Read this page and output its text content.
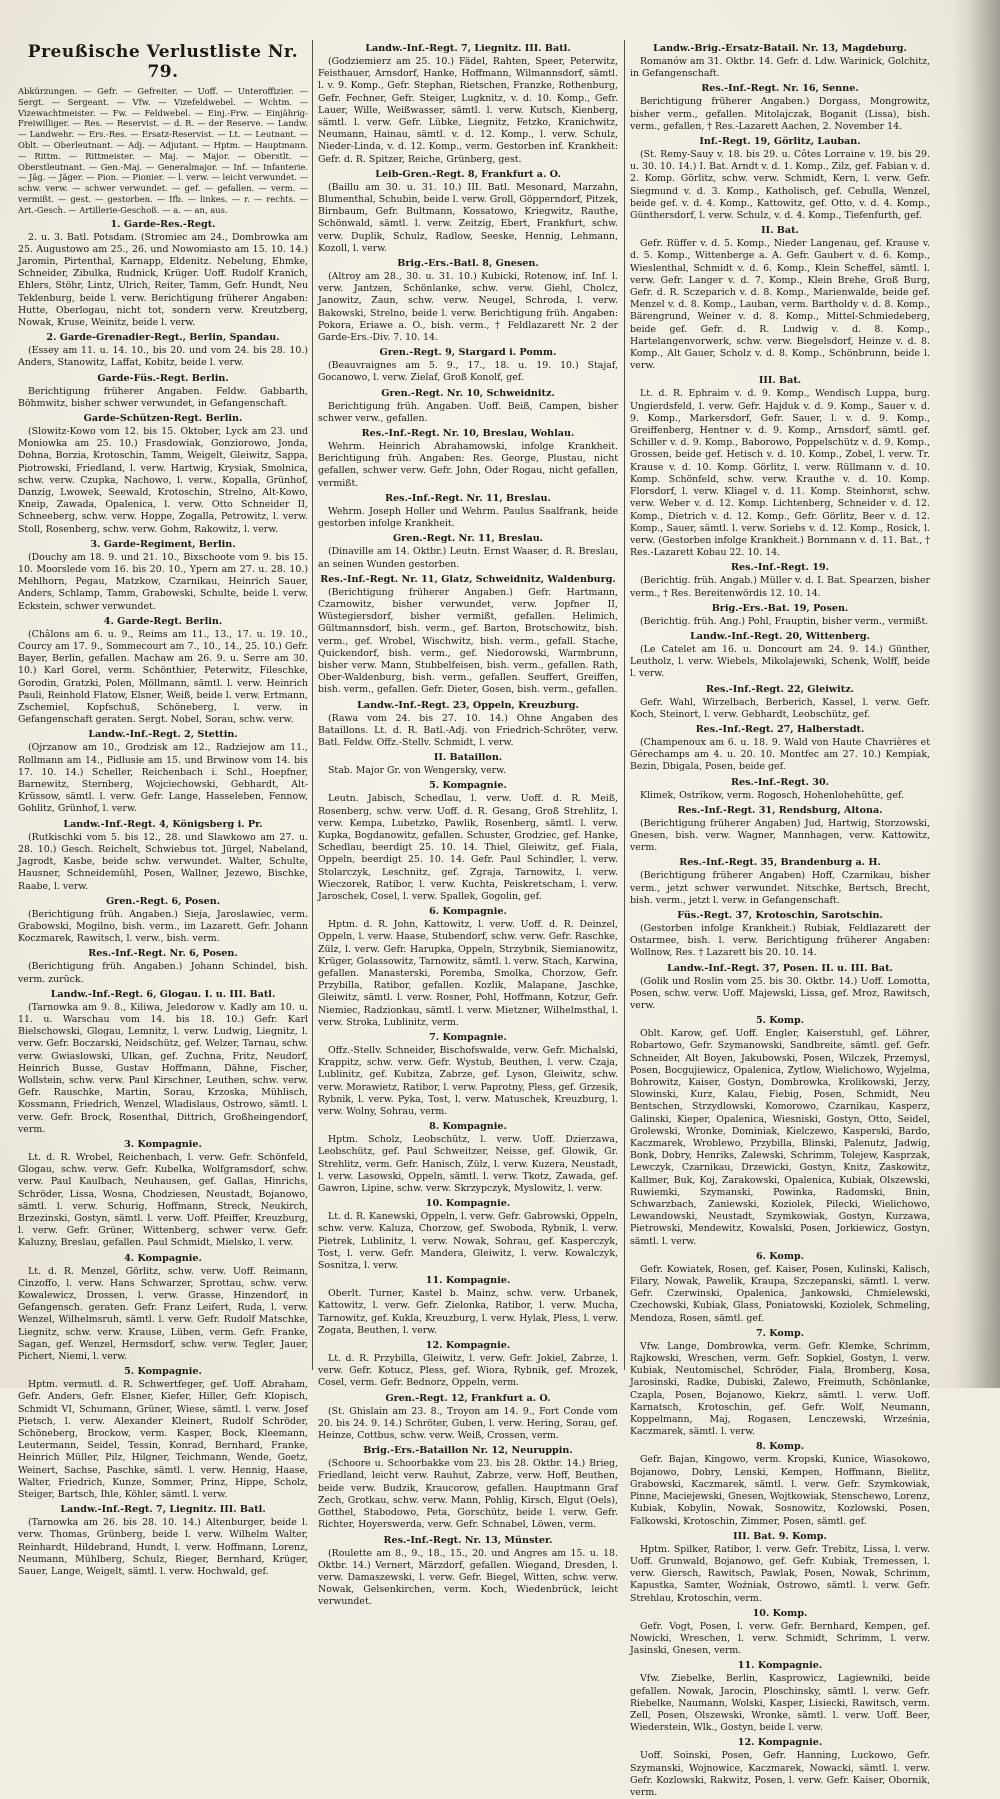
Preußische Verlustliste Nr. 79.
Abkürzungen. — Gefr. — Gefreiter. — Uoff. — Unteroffizier. — Sergt. — Sergeant. — Vfw. — Vizefeldwebel. — Wchtm. — Vizewachtmeister. — Fw. — Feldwebel. — Einj.-Frw. — Einjährig-Freiwilliger. — Res. — Reservist. — d. R. — der Reserve. — Landw. — Landwehr. — Ers.-Res. — Ersatz-Reservist. — Lt. — Leutnant. — Oblt. — Oberleutnant. — Adj. — Adjutant. — Hptm. — Hauptmann. — Rittm. — Rittmeister. — Maj. — Major. — Oberstlt. — Oberstleutnant. — Gen.-Maj. — Generalmajor. — Inf. — Infanterie. — Jäg. — Jäger. — Pion. — Pionier. — l. verw. — leicht verwundet. — schw. verw. — schwer verwundet. — gef. — gefallen. — verm. — vermißt. — gest. — gestorben. — Ifb. — linkes. — r. — rechts. — Art.-Gesch. — Artillerie-Geschoß. — a. — an, aus.
1. Garde-Res.-Regt.

2. u. 3. Batl. Potsdam. (Stromiec am 24., Dombrowka am 25. Augustowo am 25., 26. und Nowomiasto am 15. 10. 14.) Jaromin, Pirtenthal, Karnapp, Eldenitz. Nebelung, Ehmke, Schneider, Zibulka, Rudnick, Krüger. Uoff. Rudolf Kranich, Ehlers, Stöhr, Lintz, Ulrich, Reiter, Tamm, Gefr. Hundt, Neu Teklenburg, beide l. verw. Berichtigung früherer Angaben: Hutte, Oberlogau, nicht tot, sondern verw. Kreutzberg, Nowak, Kruse, Weinitz, beide l. verw.

2. Garde-Grenadier-Regt., Berlin, Spandau.

(Essey am 11. u. 14. 10., bis 20. und vom 24. bis 28. 10.) Anders, Stanowitz, Laffat, Kobitz, beide l. verw.

Garde-Füs.-Regt. Berlin.

Berichtigung früherer Angaben. Feldw. Gabbarth, Böhmwitz, bisher schwer verwundet, in Gefangenschaft.

Garde-Schützen-Regt. Berlin.

(Slowitz-Kowo vom 12. bis 15. Oktober, Lyck am 23. und Moniowka am 25. 10.) Frasdowiak, Gonziorowo, Jonda, Dohna, Borzia, Krotoschin, Tamm, Weigelt, Gleiwitz, Sappa, Piotrowski, Friedland, l. verw. Hartwig, Krysiak, Smolnica, schw. verw. Czupka, Nachowo, l. verw., Kopalla, Grünhof, Danzig, Lwowek, Seewald, Krotoschin, Strelno, Alt-Kowo, Kneip, Zawada, Opalenica, l. verw. Otto Schneider II, Schneeberg, schw. verw. Hoppe, Zogalla, Petrowitz, l. verw. Stoll, Rosenberg, schw. verw. Gohm, Rakowitz, l. verw.

3. Garde-Regiment, Berlin.

(Douchy am 18. 9. und 21. 10., Bixschoote vom 9. bis 15. 10. Moorslede vom 16. bis 20. 10., Ypern am 27. u. 28. 10.) Mehlhorn, Pegau, Matzkow, Czarnikau, Heinrich Sauer, Anders, Schlamp, Tamm, Grabowski, Schulte, beide l. verw. Eckstein, schwer verwundet.

4. Garde-Regt. Berlin.

(Châlons am 6. u. 9., Reims am 11., 13., 17. u. 19. 10., Courcy am 17. 9., Sommecourt am 7., 10., 14., 25. 10.) Gefr. Bayer, Berlin, gefallen. Machaw am 26. 9. u. Serre am 30. 10.) Karl Gorel, verm. Schönthier, Peterwitz, Fileschke, Gorodin, Gratzki, Polen, Möllmann, sämtl. l. verw. Heinrich Pauli, Reinhold Flatow, Elsner, Weiß, beide l. verw. Ertmann, Zschemiel, Kopfschuß, Schöneberg, l. verw. in Gefangenschaft geraten. Sergt. Nobel, Sorau, schw. verw.

Landw.-Inf.-Regt. 2, Stettin.

(Ojrzanow am 10., Grodzisk am 12., Radziejow am 11., Rollmann am 14., Pidlusie am 15. und Brwinow vom 14. bis 17. 10. 14.) Scheller, Reichenbach i. Schl., Hoepfner, Barnewitz, Sternberg, Wojciechowski, Gebhardt, Alt-Krüssow, sämtl. l. verw. Gefr. Lange, Hasseleben, Fennow, Gohlitz, Grünhof, l. verw.

Landw.-Inf.-Regt. 4, Königsberg i. Pr.

(Rutkischki vom 5. bis 12., 28. und Slawkowo am 27. u. 28. 10.) Gesch. Reichelt, Schwiebus tot. Jürgel, Nabeland, Jagrodt, Kasbe, beide schw. verwundet. Walter, Schulte, Hausner, Schneidemühl, Posen, Wallner, Jezewo, Bischke, Raabe, l. verw.

Gren.-Regt. 6, Posen.

(Berichtigung früh. Angaben.) Sieja, Jaroslawiec, verm. Grabowski, Mogilno, bish. verm., im Lazarett. Gefr. Johann Koczmarek, Rawitsch, l. verw., bish. verm.

Res.-Inf.-Regt. Nr. 6, Posen.

(Berichtigung früh. Angaben.) Johann Schindel, bish. verm. zurück.

Landw.-Inf.-Regt. 6, Glogau. I. u. III. Batl.

(Tarnowka am 9. 8., Kiliwa, Jeledorow v. Kadly am 10. u. 11. u. Warschau vom 14. bis 18. 10.) Gefr. Karl Bielschowski, Glogau, Lemnitz, l. verw. Ludwig, Liegnitz, l. verw. Gefr. Boczarski, Neidschütz, gef. Welzer, Tarnau, schw. verw. Gwiaslowski, Ulkan, gef. Zuchna, Fritz, Neudorf, Heinrich Busse, Gustav Hoffmann, Dähne, Fischer, Wollstein, schw. verw. Paul Kirschner, Leuthen, schw. verw. Gefr. Rauschke, Martin, Sorau, Krzoska, Mühlisch, Kossmann, Friedrich, Wenzel, Wladislaus, Ostrowo, sämtl. l. verw. Gefr. Brock, Rosenthal, Dittrich, Großheingendorf, verm.

3. Kompagnie.

Lt. d. R. Wrobel, Reichenbach, l. verw. Gefr. Schönfeld, Glogau, schw. verw. Gefr. Kubelka, Wolfgramsdorf, schw. verw. Paul Kaulbach, Neuhausen, gef. Gallas, Hinrichs, Schröder, Lissa, Wosna, Chodziesen, Neustadt, Bojanowo, sämtl. l. verw. Schurig, Hoffmann, Streck, Neukirch, Brzezinski, Gostyn, sämtl. l. verw. Uoff. Pfeiffer, Kreuzburg, l. verw. Gefr. Grüner, Wittenberg, schwer verw. Gefr. Kaluzny, Breslau, gefallen. Paul Schmidt, Mielsko, l. verw.

4. Kompagnie.

Lt. d. R. Menzel, Görlitz, schw. verw. Uoff. Reimann, Cinzoffo, l. verw. Hans Schwarzer, Sprottau, schw. verw. Kowalewicz, Drossen, l. verw. Grasse, Hinzendorf, in Gefangensch. geraten. Gefr. Franz Leifert, Ruda, l. verw. Wenzel, Wilhelmsruh, sämtl. l. verw. Gefr. Rudolf Matschke, Liegnitz, schw. verw. Krause, Lüben, verm. Gefr. Franke, Sagan, gef. Wenzel, Hermsdorf, schw. verw. Tegler, Jauer, Pichert, Niemi, l. verw.

5. Kompagnie.

Hptm. vermutl. d. R. Schwertfeger, gef. Uoff. Abraham, Gefr. Anders, Gefr. Elsner, Kiefer, Hiller, Gefr. Klopisch, Schmidt VI, Schumann, Grüner, Wiese, sämtl. l. verw. Josef Pietsch, l. verw. Alexander Kleinert, Rudolf Schröder, Schöneberg, Brockow, verm. Kasper, Bock, Kleemann, Leutermann, Seidel, Tessin, Konrad, Bernhard, Franke, Heinrich Müller, Pilz, Hilgner, Teichmann, Wende, Goetz, Weinert, Sachse, Paschke, sämtl. l. verw. Hennig, Haase, Walter, Friedrich, Kunze, Sommer, Prinz, Hippe, Scholz, Steiger, Bartsch, Ihle, Köhler, sämtl. l. verw.

Landw.-Inf.-Regt. 7, Liegnitz. III. Batl.

(Tarnowka am 26. bis 28. 10. 14.) Altenburger, beide l. verw. Thomas, Grünberg, beide l. verw. Wilhelm Walter, Reinhardt, Hildebrand, Hundt, l. verw. Hoffmann, Lorenz, Neumann, Mühlberg, Schulz, Rieger, Bernhard, Krüger, Sauer, Lange, Weigelt, sämtl. l. verw. Hochwald, gef.

Landw.-Inf.-Regt. 7, Liegnitz. III. Batl.

(Godziemierz am 25. 10.) Fädel, Rahten, Speer, Peterwitz, Feisthauer, Arnsdorf, Hanke, Hoffmann, Wilmannsdorf, sämtl. l. v. 9. Komp., Gefr. Stephan, Rietschen, Franzke, Rothenburg, Gefr. Fechner, Gefr. Steiger, Lugknitz, v. d. 10. Komp., Gefr. Lauer, Wille, Weißwasser, sämtl. l. verw. Kutsch, Kienberg, sämtl. l. verw. Gefr. Lübke, Liegnitz, Fetzko, Kranichwitz, Neumann, Hainau, sämtl. v. d. 12. Komp., l. verw. Schulz, Nieder-Linda, v. d. 12. Komp., verm. Gestorben inf. Krankheit: Gefr. d. R. Spitzer, Reiche, Grünberg, gest.

Leib-Gren.-Regt. 8, Frankfurt a. O.

(Baillu am 30. u. 31. 10.) III. Batl. Mesonard, Marzahn, Blumenthal, Schubin, beide l. verw. Groll, Göpperndorf, Pitzek, Birnbaum, Gefr. Bultmann, Kossatowo, Kriegwitz, Rauthe, Schönwald, sämtl. l. verw. Zeitzig, Ebert, Frankfurt, schw. verw. Duplik, Schulz, Radlow, Seeske, Hennig, Lehmann, Kozoll, l. verw.

Brig.-Ers.-Batl. 8, Gnesen.

(Altroy am 28., 30. u. 31. 10.) Kubicki, Rotenow, inf. Inf. l. verw. Jantzen, Schönlanke, schw. verw. Giehl, Cholcz, Janowitz, Zaun, schw. verw. Neugel, Schroda, l. verw. Bakowski, Strelno, beide l. verw. Berichtigung früh. Angaben: Pokora, Eriawe a. O., bish. verm., † Feldlazarett Nr. 2 der Garde-Ers.-Div. 7. 10. 14.

Gren.-Regt. 9, Stargard i. Pomm.

(Beauvraignes am 5. 9., 17., 18. u. 19. 10.) Stajaf, Gocanowo, l. verw. Zielaf, Groß Konolf, gef.

Gren.-Regt. Nr. 10, Schweidnitz.

Berichtigung früh. Angaben. Uoff. Beiß, Campen, bisher schwer verw., gefallen.

Res.-Inf.-Regt. Nr. 10, Breslau, Wohlau.

Wehrm. Heinrich Abrahamowski, infolge Krankheit. Berichtigung früh. Angaben: Res. George, Plustau, nicht gefallen, schwer verw. Gefr. John, Oder Rogau, nicht gefallen, vermißt.

Res.-Inf.-Regt. Nr. 11, Breslau.

Wehrm. Joseph Holler und Wehrm. Paulus Saalfrank, beide gestorben infolge Krankheit.

Gren.-Regt. Nr. 11, Breslau.

(Dinaville am 14. Oktbr.) Leutn. Ernst Waaser, d. R. Breslau, an seinen Wunden gestorben.

Res.-Inf.-Regt. Nr. 11, Glatz, Schweidnitz, Waldenburg.

(Berichtigung früherer Angaben.) Gefr. Hartmann, Czarnowitz, bisher verwundet, verw. Jopfner II, Wüstegiersdorf, bisher vermißt, gefallen. Helimich, Gültmannsdorf, bish. verm., gef. Barton, Brotschowitz, bish. verm., gef. Wrobel, Wischwitz, bish. verm., gefall. Stache, Quickendorf, bish. verm., gef. Niedorowski, Warmbrunn, bisher verw. Mann, Stubbelfeisen, bish. verm., gefallen. Rath, Ober-Waldenburg, bish. verm., gefallen. Seuffert, Greiffen, bish. verm., gefallen. Gefr. Dieter, Gosen, bish. verm., gefallen.

Landw.-Inf.-Regt. 23, Oppeln, Kreuzburg.

(Rawa vom 24. bis 27. 10. 14.) Ohne Angaben des Bataillons. Lt. d. R. Batl.-Adj. von Friedrich-Schröter, verw. Batl. Feldw. Offz.-Stellv. Schmidt, l. verw.

II. Bataillon.

Stab. Major Gr. von Wengersky, verw.

5. Kompagnie.

Leutn. Jabisch, Schedlau, l. verw. Uoff. d. R. Meiß, Rosenberg, schw. verw. Uoff. d. R. Gesang, Groß Strehlitz, l. verw. Kempa, Lubetzko, Pawlik, Rosenberg, sämtl. l. verw. Kupka, Bogdanowitz, gefallen. Schuster, Grodziec, gef. Hanke, Schedlau, beerdigt 25. 10. 14. Thiel, Gleiwitz, gef. Fiala, Oppeln, beerdigt 25. 10. 14. Gefr. Paul Schindler, l. verw. Stolarczyk, Leschnitz, gef. Zgraja, Tarnowitz, l. verw. Wieczorek, Ratibor, l. verw. Kuchta, Peiskretscham, l. verw. Jaroschek, Cosel, l. verw. Spallek, Gogolin, gef.

6. Kompagnie.

Hptm. d. R. John, Kattowitz, l. verw. Uoff. d. R. Deinzel, Oppeln, l. verw. Haase, Stubendorf, schw. verw. Gefr. Raschke, Zülz, l. verw. Gefr. Harupka, Oppeln, Strzybnik, Siemianowitz, Krüger, Golassowitz, Tarnowitz, sämtl. l. verw. Stach, Karwina, gefallen. Manasterski, Poremba, Smolka, Chorzow, Gefr. Przybilla, Ratibor, gefallen. Kozlik, Malapane, Jaschke, Gleiwitz, sämtl. l. verw. Rosner, Pohl, Hoffmann, Kotzur, Gefr. Niemiec, Radzionkau, sämtl. l. verw. Mietzner, Wilhelmsthal, l. verw. Stroka, Lublinitz, verm.

7. Kompagnie.

Offz.-Stellv. Schneider, Bischofswalde, verw. Gefr. Michalski, Krappitz, schw. verw. Gefr. Wystub, Beuthen, l. verw. Czaja, Lublinitz, gef. Kubitza, Zabrze, gef. Lyson, Gleiwitz, schw. verw. Morawietz, Ratibor, l. verw. Paprotny, Pless, gef. Grzesik, Rybnik, l. verw. Pyka, Tost, l. verw. Matuschek, Kreuzburg, l. verw. Wolny, Sohrau, verm.

8. Kompagnie.

Hptm. Scholz, Leobschütz, l. verw. Uoff. Dzierzawa, Leobschütz, gef. Paul Schweitzer, Neisse, gef. Glowik, Gr. Strehlitz, verm. Gefr. Hanisch, Zülz, l. verw. Kuzera, Neustadt, l. verw. Lasowski, Oppeln, sämtl. l. verw. Tkotz, Zawada, gef. Gawron, Lipine, schw. verw. Skrzypczyk, Myslowitz, l. verw.

10. Kompagnie.

Lt. d. R. Kanewski, Oppeln, l. verw. Gefr. Gabrowski, Oppeln, schw. verw. Kaluza, Chorzow, gef. Swoboda, Rybnik, l. verw. Pietrek, Lublinitz, l. verw. Nowak, Sohrau, gef. Kasperczyk, Tost, l. verw. Gefr. Mandera, Gleiwitz, l. verw. Kowalczyk, Sosnitza, l. verw.

11. Kompagnie.

Oberlt. Turner, Kastel b. Mainz, schw. verw. Urbanek, Kattowitz, l. verw. Gefr. Zielonka, Ratibor, l. verw. Mucha, Tarnowitz, gef. Kukla, Kreuzburg, l. verw. Hylak, Pless, l. verw. Zogata, Beuthen, l. verw.

12. Kompagnie.

Lt. d. R. Przybilla, Gleiwitz, l. verw. Gefr. Jokiel, Zabrze, l. verw. Gefr. Kotucz, Pless, gef. Wiora, Rybnik, gef. Mrozek, Cosel, verm. Gefr. Bednorz, Oppeln, verm.

Gren.-Regt. 12, Frankfurt a. O.

(St. Ghislain am 23. 8., Troyon am 14. 9., Fort Conde vom 20. bis 24. 9. 14.) Schröter, Guben, l. verw. Hering, Sorau, gef. Heinze, Cottbus, schw. verw. Weiß, Crossen, verm.

Brig.-Ers.-Bataillon Nr. 12, Neuruppin.

(Schoore u. Schoorbakke vom 23. bis 28. Oktbr. 14.) Brieg, Friedland, leicht verw. Rauhut, Zabrze, verw. Hoff, Beuthen, beide verw. Budzik, Kraucorow, gefallen. Hauptmann Graf Zech, Grotkau, schw. verw. Mann, Pohlig, Kirsch, Elgut (Oels), Gotthel, Stabodowo, Peta, Gorschütz, beide l. verw. Gefr. Richter, Hoyerswerda, verw. Gefr. Schnabel, Löwen, verm.

Res.-Inf.-Regt. Nr. 13, Münster.

(Roulette am 8., 9., 18., 15., 20. und Angres am 15. u. 18. Oktbr. 14.) Vernert, Märzdorf, gefallen. Wiegand, Dresden, l. verw. Damaszewski, l. verw. Gefr. Biegel, Witten, schw. verw. Nowak, Gelsenkirchen, verm. Koch, Wiedenbrück, leicht verwundet.

Landw.-Brig.-Ersatz-Batail. Nr. 13, Magdeburg.

Romanów am 31. Oktbr. 14. Gefr. d. Ldw. Warinick, Golchitz, in Gefangenschaft.

Res.-Inf.-Regt. Nr. 16, Senne.

Berichtigung früherer Angaben.) Dorgass, Mongrowitz, bisher verm., gefallen. Mitolajczak, Boganit (Lissa), bish. verm., gefallen, † Res.-Lazarett Aachen, 2. November 14.

Inf.-Regt. 19, Görlitz, Lauban.

(St. Remy-Sauy v. 18. bis 29. u. Côtes Lorraine v. 19. bis 29. u. 30. 10. 14.) I. Bat. Arndt v. d. 1. Komp., Zilz, gef. Fabian v. d. 2. Komp. Görlitz, schw. verw. Schmidt, Kern, l. verw. Gefr. Siegmund v. d. 3. Komp., Katholisch, gef. Cebulla, Wenzel, beide gef. v. d. 4. Komp., Kattowitz, gef. Otto, v. d. 4. Komp., Günthersdorf, l. verw. Schulz, v. d. 4. Komp., Tiefenfurth, gef.

II. Bat.

Gefr. Rüffer v. d. 5. Komp., Nieder Langenau, gef. Krause v. d. 5. Komp., Wittenberge a. A. Gefr. Gaubert v. d. 6. Komp., Wieslenthal, Schmidt v. d. 6. Komp., Klein Scheffel, sämtl. l. verw. Gefr. Langer v. d. 7. Komp., Klein Brehe, Groß Burg, Gefr. d. R. Sczeparich v. d. 8. Komp., Marienwalde, beide gef. Menzel v. d. 8. Komp., Lauban, verm. Bartholdy v. d. 8. Komp., Bärengrund, Weiner v. d. 8. Komp., Mittel-Schmiedeberg, beide gef. Gefr. d. R. Ludwig v. d. 8. Komp., Hartelangenvorwerk, schw. verw. Biegelsdorf, Heinze v. d. 8. Komp., Alt Gauer, Scholz v. d. 8. Komp., Schönbrunn, beide l. verw.

III. Bat.

Lt. d. R. Ephraim v. d. 9. Komp., Wendisch Luppa, burg. Ungierdsfeld, l. verw. Gefr. Hajduk v. d. 9. Komp., Sauer v. d. 9. Komp., Markersdorf, Gefr. Sauer, l. v. d. 9. Komp., Greiffenberg, Hentner v. d. 9. Komp., Arnsdorf, sämtl. gef. Schiller v. d. 9. Komp., Baborowo, Poppelschütz v. d. 9. Komp., Grossen, beide gef. Hetisch v. d. 10. Komp., Zobel, l. verw. Tr. Krause v. d. 10. Komp. Görlitz, l. verw. Rüllmann v. d. 10. Komp. Schönfeld, schw. verw. Krauthe v. d. 10. Komp. Florsdorf, l. verw. Kliagel v. d. 11. Komp. Steinhorst, schw. verw. Weber v. d. 12. Komp. Lichtenberg, Schneider v. d. 12. Komp., Dietrich v. d. 12. Komp., Gefr. Görlitz, Beer v. d. 12. Komp., Sauer, sämtl. l. verw. Soriebs v. d. 12. Komp., Rosick, l. verw. (Gestorben infolge Krankheit.) Bornmann v. d. 11. Bat., † Res.-Lazarett Kobau 22. 10. 14.

Res.-Inf.-Regt. 19.

(Berichtig. früh. Angab.) Müller v. d. I. Bat. Spearzen, bisher verm., † Res. Bereitenwördis 12. 10. 14.

Brig.-Ers.-Bat. 19, Posen.

(Berichtig. früh. Ang.) Pohl, Frauptin, bisher verm., vermißt.

Landw.-Inf.-Regt. 20, Wittenberg.

(Le Catelet am 16. u. Doncourt am 24. 9. 14.) Günther, Leutholz, l. verw. Wiebels, Mikolajewski, Schenk, Wolff, beide l. verw.

Res.-Inf.-Regt. 22, Gleiwitz.

Gefr. Wahl, Wirzelbach, Berberich, Kassel, l. verw. Gefr. Koch, Steinort, l. verw. Gebhardt, Leobschütz, gef.

Res.-Inf.-Regt. 27, Halberstadt.

(Champenoux am 6. u. 18. 9. Wald von Haute Chavrières et Gérechamps am 4. u. 20. 10. Montfec am 27. 10.) Kempiak, Bezin, Dbigala, Posen, beide gef.

Res.-Inf.-Regt. 30.

Klimek, Ostrikow, verm. Rogosch, Hohenlohehütte, gef.

Res.-Inf.-Regt. 31, Rendsburg, Altona.

(Berichtigung früherer Angaben) Jud, Hartwig, Storzowski, Gnesen, bish. verw. Wagner, Mannhagen, verw. Kattowitz, verm.

Res.-Inf.-Regt. 35, Brandenburg a. H.

(Berichtigung früherer Angaben) Hoff, Czarnikau, bisher verm., jetzt schwer verwundet. Nitschke, Bertsch, Brecht, bish. verm., jetzt l. verw. in Gefangenschaft.

Füs.-Regt. 37, Krotoschin, Sarotschin.

(Gestorben infolge Krankheit.) Rubiak, Feldlazarett der Ostarmee, bish. l. verw. Berichtigung früherer Angaben: Wollnow, Res. † Lazarett bis 20. 10. 14.

Landw.-Inf.-Regt. 37, Posen. II. u. III. Bat.

(Golik und Roslin vom 25. bis 30. Oktbr. 14.) Uoff. Lomotta, Posen, schw. verw. Uoff. Majewski, Lissa, gef. Mroz, Rawitsch, verw.

5. Komp.

Oblt. Karow, gef. Uoff. Engler, Kaiserstuhl, gef. Löhrer, Robartowo, Gefr. Szymanowski, Sandbreite, sämtl. gef. Gefr. Schneider, Alt Boyen, Jakubowski, Posen, Wilczek, Przemysl, Posen, Bocgujiewicz, Opalenica, Zytlow, Wielichowo, Wyjelma, Bohrowitz, Kaiser, Gostyn, Dombrowka, Krolikowski, Jerzy, Slowinski, Kurz, Kalau, Fiebig, Posen, Schmidt, Neu Bentschen, Strzydlowski, Komorowo, Czarnikau, Kasperz, Galinski, Kieper, Opalenica, Wiesniski, Gostyn, Otto, Seidel, Grolewski, Wronke, Dominiak, Kielczewo, Kasperski, Bardo, Kaczmarek, Wroblewo, Przybilla, Blinski, Palenutz, Jadwig, Bonk, Dobry, Henriks, Zalewski, Schrimm, Tolejew, Kasprzak, Lewczyk, Czarnikau, Drzewicki, Gostyn, Knitz, Zaskowitz, Kallmer, Buk, Koj, Zarakowski, Opalenica, Kubiak, Olszewski, Ruwiemki, Szymanski, Powinka, Radomski, Bnin, Schwarzbach, Zaniewski, Koziolek, Pilecki, Wielichowo, Lewandowski, Neustadt, Szymkowiak, Gostyn, Kurzawa, Pietrowski, Mendewitz, Kowalski, Posen, Jorkiewicz, Gostyn, sämtl. l. verw.

6. Komp.

Gefr. Kowiatek, Rosen, gef. Kaiser, Posen, Kulinski, Kalisch, Filary, Nowak, Pawelik, Kraupa, Szczepanski, sämtl. l. verw. Gefr. Czerwinski, Opalenica, Jankowski, Chmielewski, Czechowski, Kubiak, Glass, Poniatowski, Koziolek, Schmeling, Mendoza, Rosen, sämtl. gef.

7. Komp.

Vfw. Lange, Dombrowka, verm. Gefr. Klemke, Schrimm, Rajkowski, Wreschen, verm. Gefr. Sopkiel, Gostyn, l. verw. Kubiak, Neutomischel, Schröder, Fiala, Bromberg, Kosa, Jarosinski, Radke, Dubiski, Zalewo, Freimuth, Schönlanke, Czapla, Posen, Bojanowo, Kiekrz, sämtl. l. verw. Uoff. Karnatsch, Krotoschin, gef. Gefr. Wolf, Neumann, Koppelmann, Maj, Rogasen, Lenczewski, Września, Kaczmarek, sämtl. l. verw.

8. Komp.

Gefr. Bajan, Kingowo, verm. Kropski, Kunice, Wiasokowo, Bojanowo, Dobry, Lenski, Kempen, Hoffmann, Bielitz, Grabowski, Kaczmarek, sämtl. l. verw. Gefr. Szymkowiak, Pinne, Maciejewski, Gnesen, Wojtkowiak, Stenschewo, Lorenz, Kubiak, Kobylin, Nowak, Sosnowitz, Kozlowski, Posen, Falkowski, Krotoschin, Zimmer, Posen, sämtl. gef.

III. Bat. 9. Komp.

Hptm. Spilker, Ratibor, l. verw. Gefr. Trebitz, Lissa, l. verw. Uoff. Grunwald, Bojanowo, gef. Gefr. Kubiak, Tremessen, l. verw. Giersch, Rawitsch, Pawlak, Posen, Nowak, Schrimm, Kapustka, Samter, Woźniak, Ostrowo, sämtl. l. verw. Gefr. Strehlau, Krotoschin, verm.

10. Komp.

Gefr. Vogt, Posen, l. verw. Gefr. Bernhard, Kempen, gef. Nowicki, Wreschen, l. verw. Schmidt, Schrimm, l. verw. Jasinski, Gnesen, verm.

11. Kompagnie.

Vfw. Ziebelke, Berlin, Kasprowicz, Lagiewniki, beide gefallen. Nowak, Jarocin, Ploschinsky, sämtl. l. verw. Gefr. Riebelke, Naumann, Wolski, Kasper, Lisiecki, Rawitsch, verm. Zell, Posen, Olszewski, Wronke, sämtl. l. verw. Uoff. Beer, Wiederstein, Wlk., Gostyn, beide l. verw.

12. Kompagnie.

Uoff. Soinski, Posen, Gefr. Hanning, Luckowo, Gefr. Szymanski, Wojnowice, Kaczmarek, Nowacki, sämtl. l. verw. Gefr. Kozlowski, Rakwitz, Posen, l. verw. Gefr. Kaiser, Obornik, verm.
